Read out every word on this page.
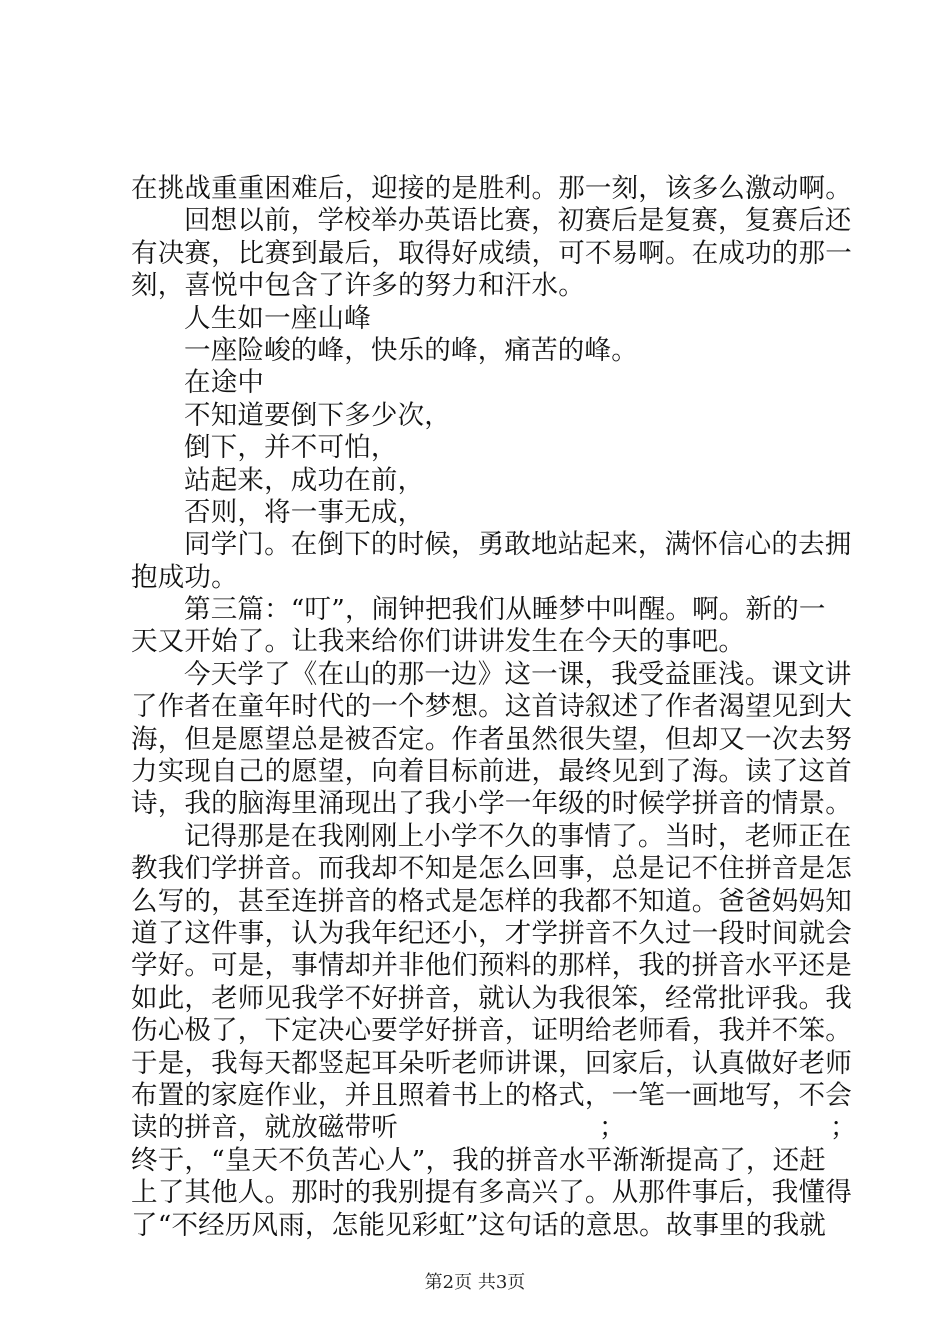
在挑战重重困难后，迎接的是胜利。那一刻，该多么激动啊。
回想以前，学校举办英语比赛，初赛后是复赛，复赛后还
有决赛，比赛到最后，取得好成绩，可不易啊。在成功的那一
刻，喜悦中包含了许多的努力和汗水。
人生如一座山峰
一座险峻的峰，快乐的峰，痛苦的峰。
在途中
不知道要倒下多少次，
倒下，并不可怕，
站起来，成功在前，
否则，将一事无成，
同学门。在倒下的时候，勇敢地站起来，满怀信心的去拥
抱成功。
第三篇：“叮”，闹钟把我们从睡梦中叫醒。啊。新的一
天又开始了。让我来给你们讲讲发生在今天的事吧。
今天学了《在山的那一边》这一课，我受益匪浅。课文讲
了作者在童年时代的一个梦想。这首诗叙述了作者渴望见到大
海，但是愿望总是被否定。作者虽然很失望，但却又一次去努
力实现自己的愿望，向着目标前进，最终见到了海。读了这首
诗，我的脑海里涌现出了我小学一年级的时候学拼音的情景。
记得那是在我刚刚上小学不久的事情了。当时，老师正在
教我们学拼音。而我却不知是怎么回事，总是记不住拼音是怎
么写的，甚至连拼音的格式是怎样的我都不知道。爸爸妈妈知
道了这件事，认为我年纪还小，才学拼音不久过一段时间就会
学好。可是，事情却并非他们预料的那样，我的拼音水平还是
如此，老师见我学不好拼音，就认为我很笨，经常批评我。我
伤心极了，下定决心要学好拼音，证明给老师看，我并不笨。
于是，我每天都竖起耳朵听老师讲课，回家后，认真做好老师
布置的家庭作业，并且照着书上的格式，一笔一画地写，不会
读的拼音，就放磁带听	；	；
终于，“皇天不负苦心人”，我的拼音水平渐渐提高了，还赶
上了其他人。那时的我别提有多高兴了。从那件事后，我懂得
了“不经历风雨，怎能见彩虹”这句话的意思。故事里的我就
第2页 共3页
